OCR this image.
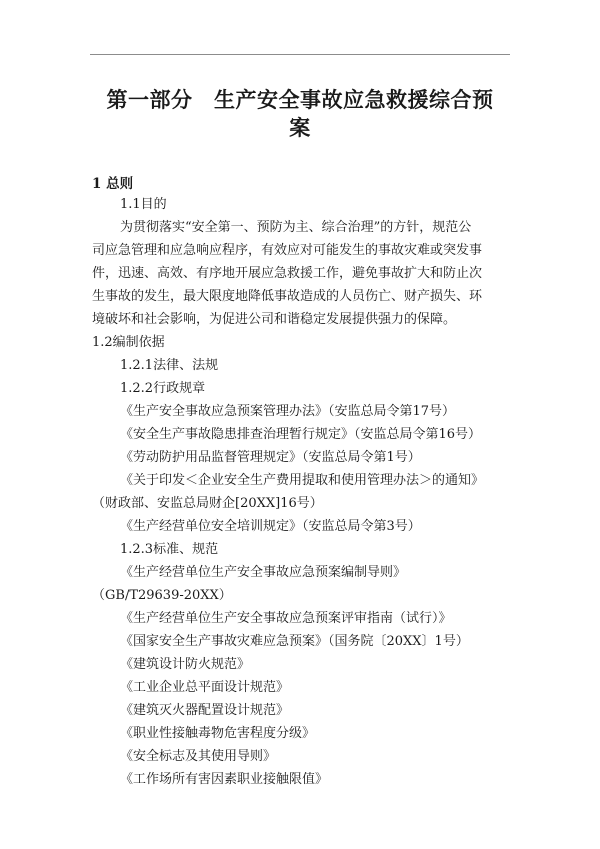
第一部分　生产安全事故应急救援综合预
案
1 总则
1.1目的
为贯彻落实“安全第一、预防为主、综合治理”的方针，规范公
司应急管理和应急响应程序，有效应对可能发生的事故灾难或突发事
件，迅速、高效、有序地开展应急救援工作，避免事故扩大和防止次
生事故的发生，最大限度地降低事故造成的人员伤亡、财产损失、环
境破坏和社会影响，为促进公司和谐稳定发展提供强力的保障。
1.2编制依据
1.2.1法律、法规
1.2.2行政规章
《生产安全事故应急预案管理办法》（安监总局令第17号）
《安全生产事故隐患排查治理暂行规定》（安监总局令第16号）
《劳动防护用品监督管理规定》（安监总局令第1号）
《关于印发＜企业安全生产费用提取和使用管理办法＞的通知》
（财政部、安监总局财企[20XX]16号）
《生产经营单位安全培训规定》（安监总局令第3号）
1.2.3标准、规范
《生产经营单位生产安全事故应急预案编制导则》
（GB/T29639-20XX）
《生产经营单位生产安全事故应急预案评审指南（试行）》
《国家安全生产事故灾难应急预案》（国务院〔20XX〕1号）
《建筑设计防火规范》
《工业企业总平面设计规范》
《建筑灭火器配置设计规范》
《职业性接触毒物危害程度分级》
《安全标志及其使用导则》
《工作场所有害因素职业接触限值》
